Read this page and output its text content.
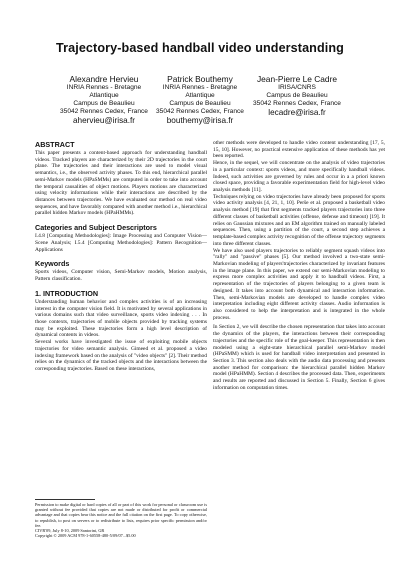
Trajectory-based handball video understanding
Alexandre Hervieu
INRIA Rennes - Bretagne
Atlantique
Campus de Beaulieu
35042 Rennes Cedex, France
ahervieu@irisa.fr
Patrick Bouthemy
INRIA Rennes - Bretagne
Atlantique
Campus de Beaulieu
35042 Rennes Cedex, France
bouthemy@irisa.fr
Jean-Pierre Le Cadre
IRISA/CNRS
Campus de Beaulieu
35042 Rennes Cedex, France
lecadre@irisa.fr
ABSTRACT

This paper presents a content-based approach for understanding handball videos. Tracked players are characterized by their 2D trajectories in the court plane. The trajectories and their interactions are used to model visual semantics, i.e., the observed activity phases. To this end, hierarchical parallel semi-Markov models (HPaSMMs) are computed in order to take into account the temporal causalities of object motions. Players motions are characterized using velocity informations while their interactions are described by the distances between trajectories. We have evaluated our method on real video sequences, and have favorably compared with another method i.e., hierarchical parallel hidden Markov models (HPaHMMs).

Categories and Subject Descriptors

I.4.8 [Computing Methodologies]: Image Processing and Computer Vision—Scene Analysis; I.5.4 [Computing Methodologies]: Pattern Recognition—Applications

Keywords

Sports videos, Computer vision, Semi-Markov models, Motion analysis, Pattern classification.

1. INTRODUCTION

Understanding human behavior and complex activities is of an increasing interest in the computer vision field. It is motivated by several applications in various domains such that video surveillance, sports video indexing . . . In those contexts, trajectories of mobile objects provided by tracking systems may be exploited. These trajectories form a high level description of dynamical contents in videos.

Several works have investigated the issue of exploiting mobile objects trajectories for video semantic analysis. Gimeed et al. proposed a video indexing framework based on the analysis of "video objects" [2]. Their method relies on the dynamics of the tracked objects and the interactions between the corresponding trajectories. Based on these interactions,

Permission to make digital or hard copies of all or part of this work for personal or classroom use is granted without fee provided that copies are not made or distributed for profit or commercial advantage and that copies bear this notice and the full citation on the first page. To copy otherwise, to republish, to post on servers or to redistribute to lists, requires prior specific permission and/or fee.
CIVR'09, July 8-10, 2009 Santorini, GR
Copyright © 2009 ACM 978-1-60558-480-5/09/07...$5.00

other methods were developed to handle video content understanding [17, 5, 15, 10]. However, no practical extensive application of these methods has yet been reported.

Hence, in the sequel, we will concentrate on the analysis of video trajectories in a particular context: sports videos, and more specifically handball videos. Indeed, such activities are governed by rules and occur in a a priori known closed space, providing a favorable experimentation field for high-level video analysis methods [11].

Techniques relying on video trajectories have already been proposed for sports video activity analysis [4, 21, 1, 10]. Perše et al. proposed a basketball video analysis method [19] that first segments tracked players trajectories into three different classes of basketball activities (offense, defense and timeout) [19]. It relies on Gaussian mixtures and an EM algorithm trained on manually labeled sequences. Then, using a partition of the court, a second step achieves a template-based complex activity recognition of the offense trajectory segments into three different classes.

We have also used players trajectories to reliably segment squash videos into "rally" and "passive" phases [5]. Our method involved a two-state semi-Markovian modeling of players'trajectories characterized by invariant features in the image plane. In this paper, we extend our semi-Markovian modeling to express more complex activities and apply it to handball videos. First, a representation of the trajectories of players belonging to a given team is designed. It takes into account both dynamical and interaction information. Then, semi-Markovian models are developed to handle complex video interpretation including eight different activity classes. Audio information is also considered to help the interpretation and is integrated in the whole process.

In Section 2, we will describe the chosen representation that takes into account the dynamics of the players, the interactions between their corresponding trajectories and the specific role of the goal-keeper. This representation is then modeled using a eight-state hierarchical parallel semi-Markov model (HPaSMM) which is used for handball video interpretation and presented in Section 3. This section also deals with the audio data processing and presents another method for comparison: the hierarchical parallel hidden Markov model (HPaHMM). Section 4 describes the processed data. Then, experiments and results are reported and discussed in Section 5. Finally, Section 6 gives information on computation times.
